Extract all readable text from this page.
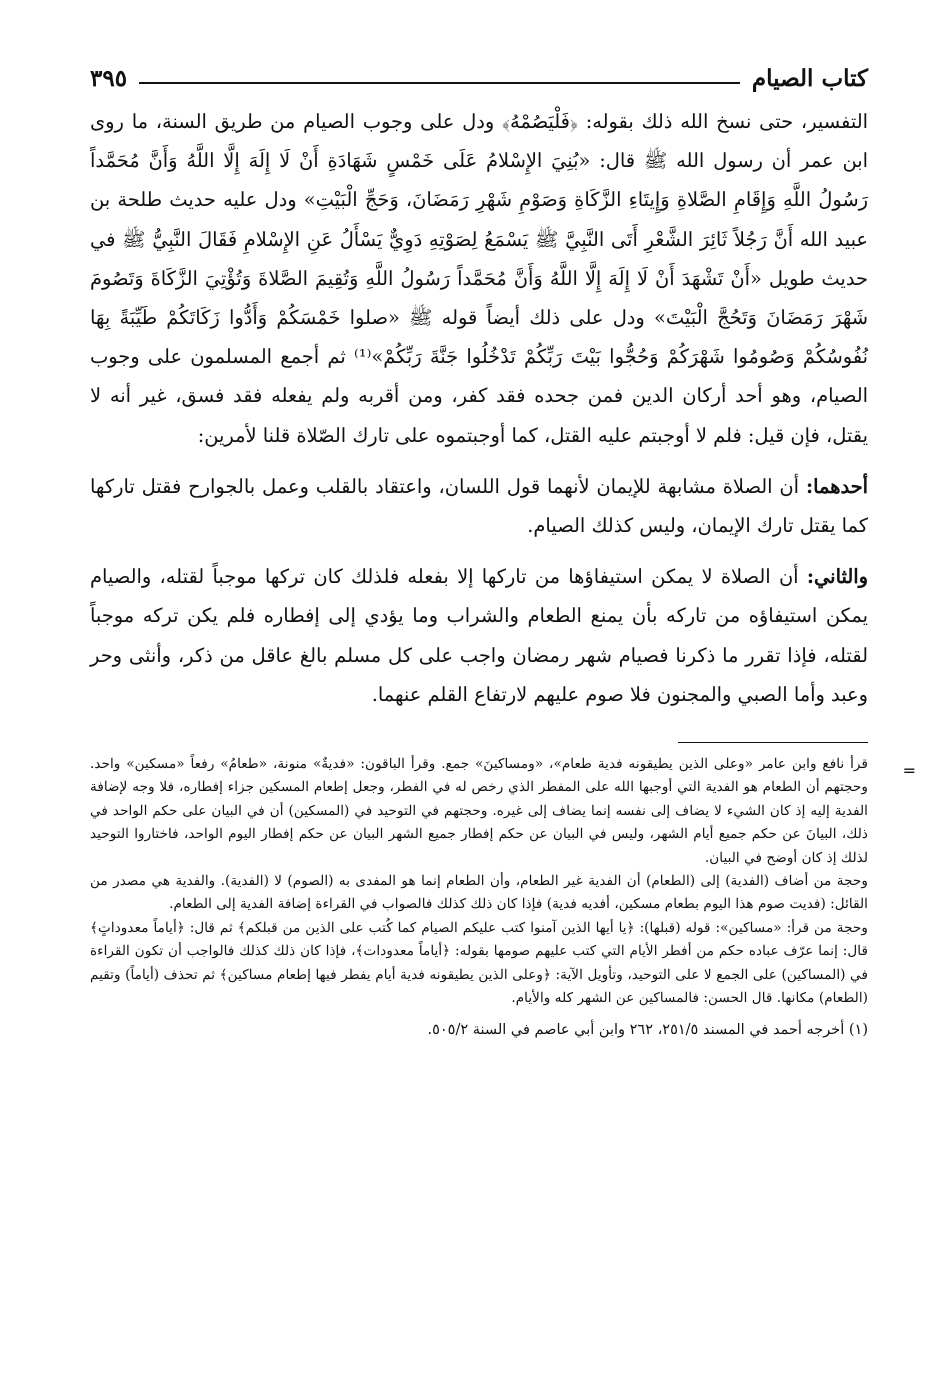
كتاب الصيام
٣٩٥

التفسير، حتى نسخ الله ذلك بقوله: ﴿فَلْيَصُمْهُ﴾ ودل على وجوب الصيام من طريق السنة، ما روى ابن عمر أن رسول الله ﷺ قال: «بُنِيَ الإِسْلامُ عَلَى خَمْسٍ شَهَادَةِ أَنْ لَا إِلَهَ إِلَّا اللَّهُ وَأَنَّ مُحَمَّداً رَسُولُ اللَّهِ وَإِقَامِ الصَّلاةِ وَإِيتَاءِ الزَّكَاةِ وَصَوْمِ شَهْرِ رَمَضَانَ، وَحَجِّ الْبَيْتِ» ودل عليه حديث طلحة بن عبيد الله أَنَّ رَجُلاً ثَائِرَ الشَّعْرِ أَتَى النَّبِيَّ ﷺ يَسْمَعُ لِصَوْتِهِ دَوِيٌّ يَسْأَلُ عَنِ الإِسْلامِ فَقَالَ النَّبِيُّ ﷺ في حديث طويل «أَنْ تَشْهَدَ أَنْ لَا إِلَهَ إِلَّا اللَّهُ وَأَنَّ مُحَمَّداً رَسُولُ اللَّهِ وَتُقِيمَ الصَّلاةَ وَتُؤْتِيَ الزَّكَاةَ وَتَصُومَ شَهْرَ رَمَضَانَ وَتَحُجَّ الْبَيْتَ» ودل على ذلك أيضاً قوله ﷺ «صلوا خَمْسَكُمْ وَأَدُّوا زَكَاتَكُمْ طَيِّبَةً بِهَا نُفُوسُكُمْ وَصُومُوا شَهْرَكُمْ وَحُجُّوا بَيْتَ رَبِّكُمْ تَدْخُلُوا جَنَّةَ رَبِّكُمْ»⁽¹⁾ ثم أجمع المسلمون على وجوب الصيام، وهو أحد أركان الدين فمن جحده فقد كفر، ومن أقربه ولم يفعله فقد فسق، غير أنه لا يقتل، فإن قيل: فلم لا أوجبتم عليه القتل، كما أوجبتموه على تارك الصّلاة قلنا لأمرين:

أحدهما: أن الصلاة مشابهة للإيمان لأنهما قول اللسان، واعتقاد بالقلب وعمل بالجوارح فقتل تاركها كما يقتل تارك الإيمان، وليس كذلك الصيام.

والثاني: أن الصلاة لا يمكن استيفاؤها من تاركها إلا بفعله فلذلك كان تركها موجباً لقتله، والصيام يمكن استيفاؤه من تاركه بأن يمنع الطعام والشراب وما يؤدي إلى إفطاره فلم يكن تركه موجباً لقتله، فإذا تقرر ما ذكرنا فصيام شهر رمضان واجب على كل مسلم بالغ عاقل من ذكر، وأنثى وحر وعبد وأما الصبي والمجنون فلا صوم عليهم لارتفاع القلم عنهما.

=

قرأ نافع وابن عامر «وعلى الذين يطيقونه فدية طعام»، «ومساكينَ» جمع. وقرأ الباقون: «فديةٌ» منونة، «طعامُ» رفعاً «مسكين» واحد. وحجتهم أن الطعام هو الفدية التي أوجبها الله على المفطر الذي رخص له في الفطر، وجعل إطعام المسكين جزاء إفطاره، فلا وجه لإضافة الفدية إليه إذ كان الشيء لا يضاف إلى نفسه إنما يضاف إلى غيره. وحجتهم في التوحيد في (المسكين) أن في البيان على حكم الواحد في ذلك، البيانَ عن حكم جميع أيام الشهر، وليس في البيان عن حكم إفطار جميع الشهر البيان عن حكم إفطار اليوم الواحد، فاختاروا التوحيد لذلك إذ كان أوضح في البيان.

وحجة من أضاف (الفدية) إلى (الطعام) أن الفدية غير الطعام، وأن الطعام إنما هو المفدى به (الصوم) لا (الفدية). والفدية هي مصدر من القائل: (فديت صوم هذا اليوم بطعام مسكين، أفديه فدية) فإذا كان ذلك كذلك فالصواب في القراءة إضافة الفدية إلى الطعام.

وحجة من قرأ: «مساكين»: قوله (قبلها): ﴿يا أيها الذين آمنوا كتب عليكم الصيام كما كُتب على الذين من قبلكم﴾ ثم قال: ﴿أياماً معدوداتٍ﴾ قال: إنما عرّف عباده حكم من أفطر الأيام التي كتب عليهم صومها بقوله: ﴿أياماً معدودات﴾، فإذا كان ذلك كذلك فالواجب أن تكون القراءة في (المساكين) على الجمع لا على التوحيد، وتأويل الآية: ﴿وعلى الذين يطيقونه فدية أيام يفطر فيها إطعام مساكين﴾ ثم تحذف (أياماً) وتقيم (الطعام) مكانها. قال الحسن: فالمساكين عن الشهر كله والأيام.

(١) أخرجه أحمد في المسند ٢٥١/٥، ٢٦٢ وابن أبي عاصم في السنة ٥٠٥/٢.
